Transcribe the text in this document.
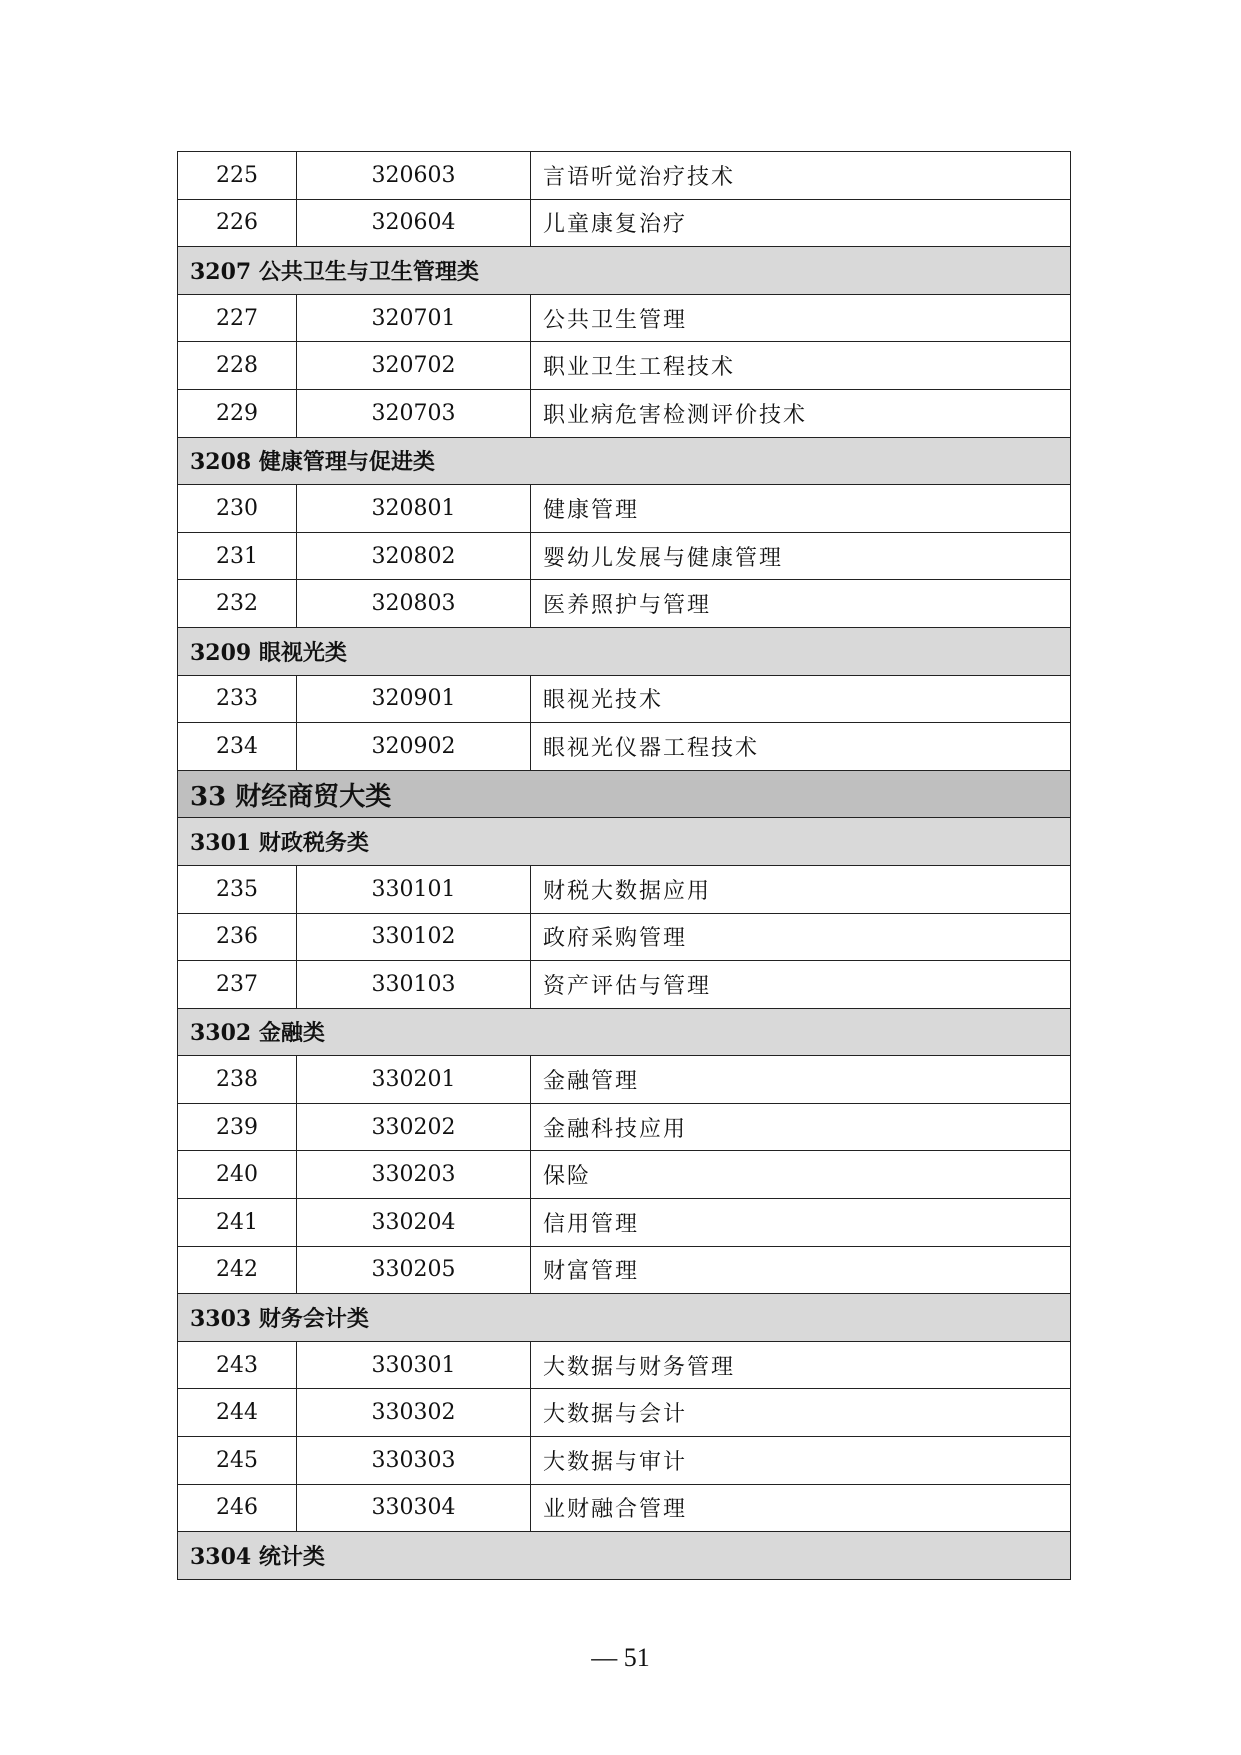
225	320603	言语听觉治疗技术
226	320604	儿童康复治疗
3207 公共卫生与卫生管理类		
227	320701	公共卫生管理
228	320702	职业卫生工程技术
229	320703	职业病危害检测评价技术
3208 健康管理与促进类		
230	320801	健康管理
231	320802	婴幼儿发展与健康管理
232	320803	医养照护与管理
3209 眼视光类		
233	320901	眼视光技术
234	320902	眼视光仪器工程技术
33 财经商贸大类		
3301 财政税务类		
235	330101	财税大数据应用
236	330102	政府采购管理
237	330103	资产评估与管理
3302 金融类		
238	330201	金融管理
239	330202	金融科技应用
240	330203	保险
241	330204	信用管理
242	330205	财富管理
3303 财务会计类		
243	330301	大数据与财务管理
244	330302	大数据与会计
245	330303	大数据与审计
246	330304	业财融合管理
3304 统计类		
— 51
